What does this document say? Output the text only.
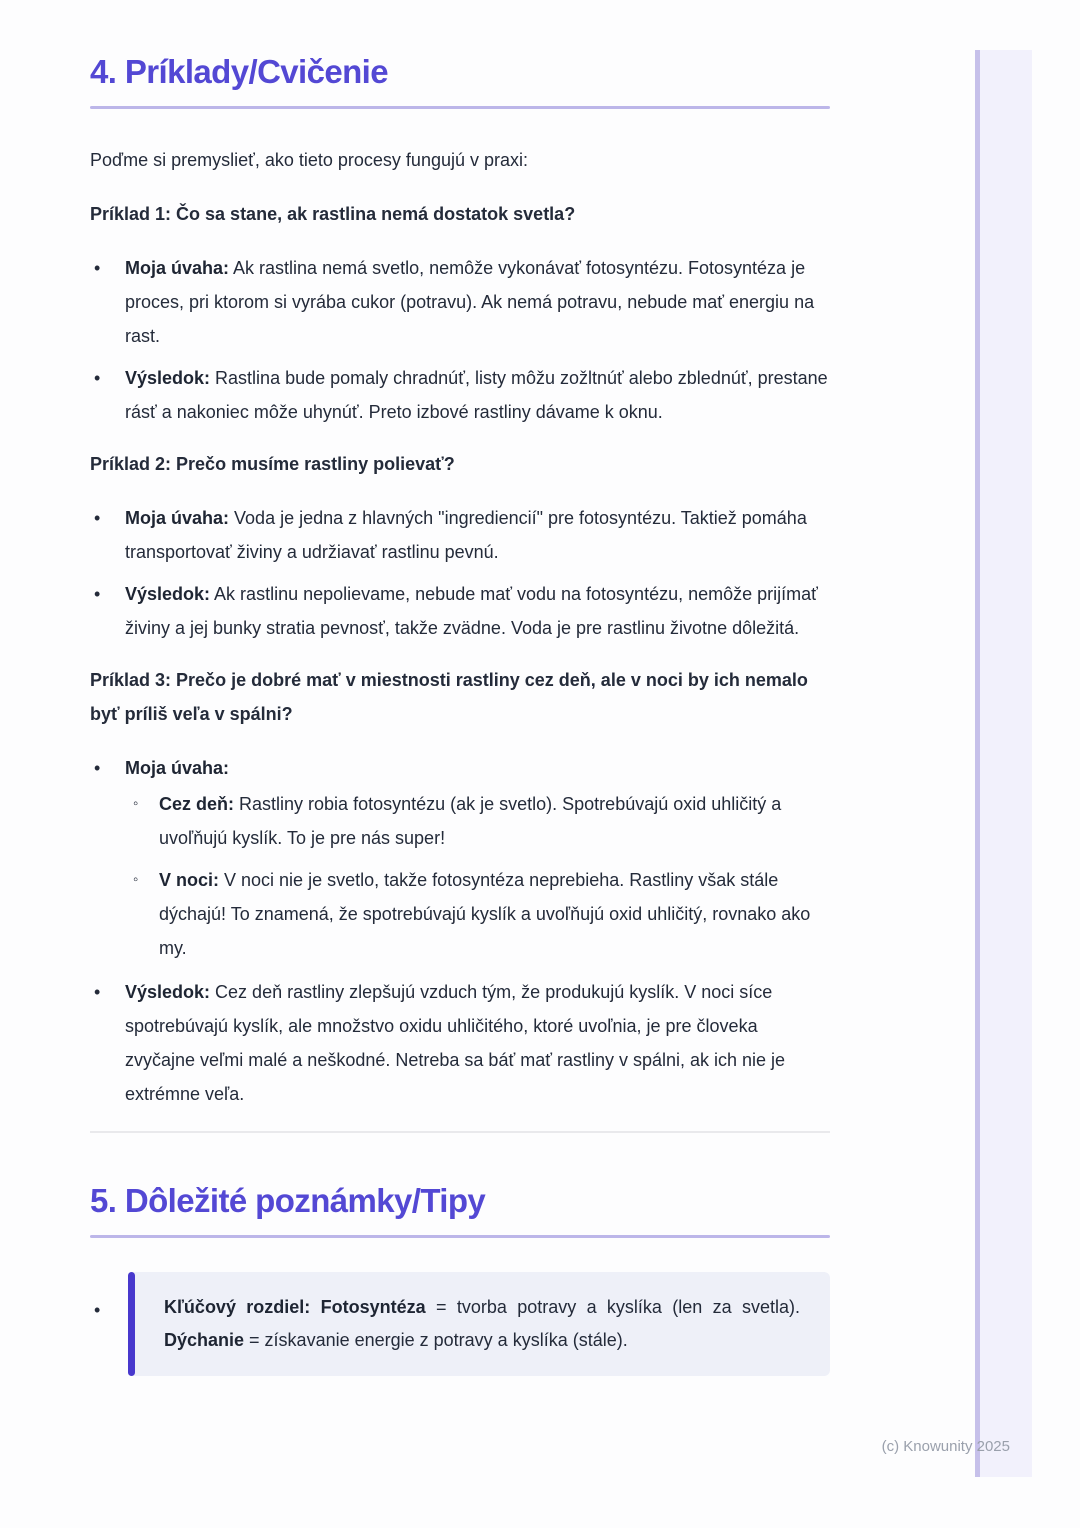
4. Príklady/Cvičenie

Poďme si premyslieť, ako tieto procesy fungujú v praxi:

Príklad 1: Čo sa stane, ak rastlina nemá dostatok svetla?
•	Moja úvaha: Ak rastlina nemá svetlo, nemôže vykonávať fotosyntézu. Fotosyntéza je proces, pri ktorom si vyrába cukor (potravu). Ak nemá potravu, nebude mať energiu na rast.
•	Výsledok: Rastlina bude pomaly chradnúť, listy môžu zožltnúť alebo zblednúť, prestane rásť a nakoniec môže uhynúť. Preto izbové rastliny dávame k oknu.
Príklad 2: Prečo musíme rastliny polievať?
•	Moja úvaha: Voda je jedna z hlavných "ingrediencií" pre fotosyntézu. Taktiež pomáha transportovať živiny a udržiavať rastlinu pevnú.
•	Výsledok: Ak rastlinu nepolievame, nebude mať vodu na fotosyntézu, nemôže prijímať živiny a jej bunky stratia pevnosť, takže zvädne. Voda je pre rastlinu životne dôležitá.
Príklad 3: Prečo je dobré mať v miestnosti rastliny cez deň, ale v noci by ich nemalo byť príliš veľa v spálni?
•	Moja úvaha:
◦	Cez deň: Rastliny robia fotosyntézu (ak je svetlo). Spotrebúvajú oxid uhličitý a uvoľňujú kyslík. To je pre nás super!
◦	V noci: V noci nie je svetlo, takže fotosyntéza neprebieha. Rastliny však stále dýchajú! To znamená, že spotrebúvajú kyslík a uvoľňujú oxid uhličitý, rovnako ako my.
•	Výsledok: Cez deň rastliny zlepšujú vzduch tým, že produkujú kyslík. V noci síce spotrebúvajú kyslík, ale množstvo oxidu uhličitého, ktoré uvoľnia, je pre človeka zvyčajne veľmi malé a neškodné. Netreba sa báť mať rastliny v spálni, ak ich nie je extrémne veľa.
5. Dôležité poznámky/Tipy
•	Kľúčový rozdiel: Fotosyntéza = tvorba potravy a kyslíka (len za svetla). Dýchanie = získavanie energie z potravy a kyslíka (stále).

(c) Knowunity 2025
